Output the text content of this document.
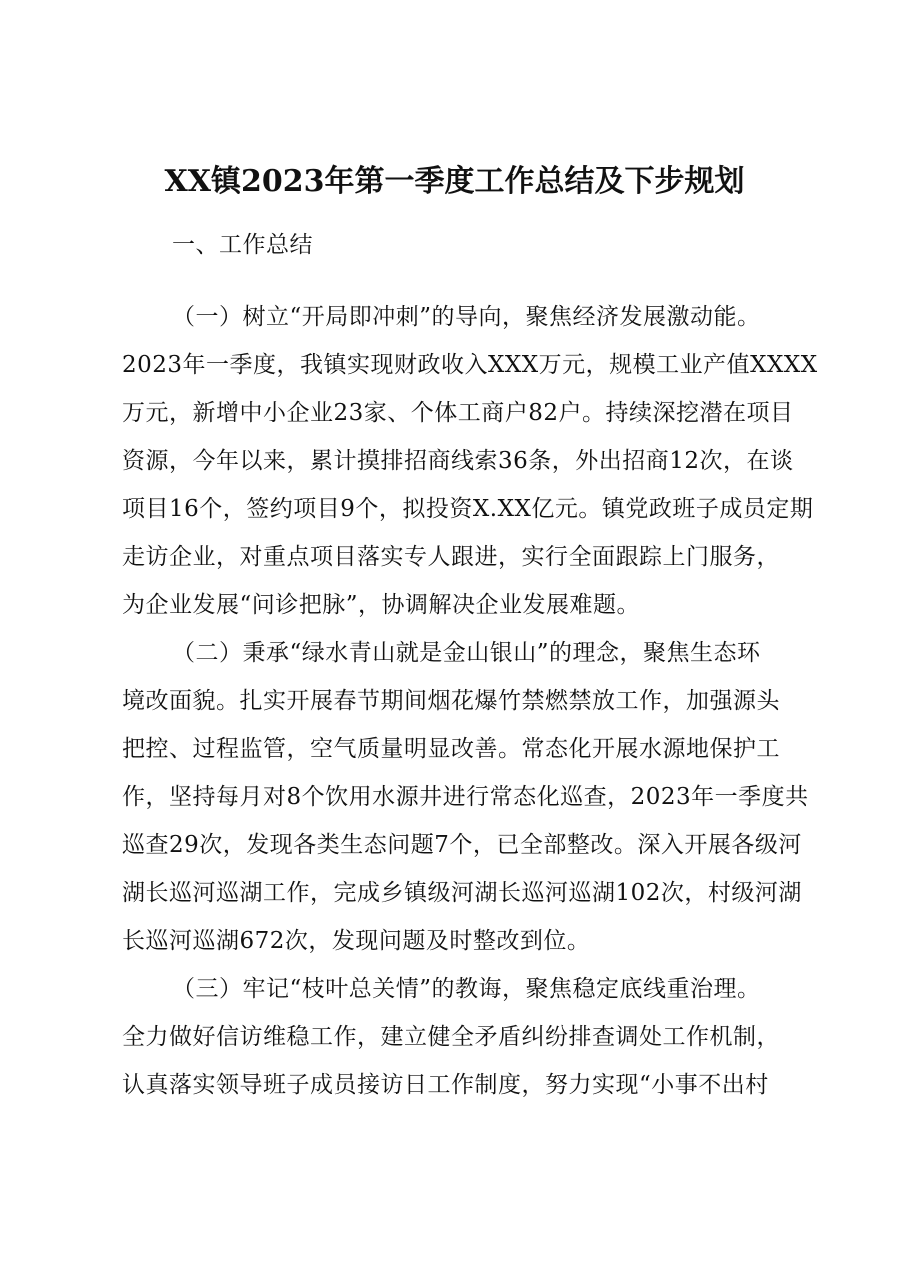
XX镇2023年第一季度工作总结及下步规划
一、工作总结
（一）树立“开局即冲刺”的导向，聚焦经济发展激动能。
2023年一季度，我镇实现财政收入XXX万元，规模工业产值XXXX
万元，新增中小企业23家、个体工商户82户。持续深挖潜在项目
资源，今年以来，累计摸排招商线索36条，外出招商12次，在谈
项目16个，签约项目9个，拟投资X.XX亿元。镇党政班子成员定期
走访企业，对重点项目落实专人跟进，实行全面跟踪上门服务，
为企业发展“问诊把脉”，协调解决企业发展难题。
（二）秉承“绿水青山就是金山银山”的理念，聚焦生态环
境改面貌。扎实开展春节期间烟花爆竹禁燃禁放工作，加强源头
把控、过程监管，空气质量明显改善。常态化开展水源地保护工
作，坚持每月对8个饮用水源井进行常态化巡查，2023年一季度共
巡查29次，发现各类生态问题7个，已全部整改。深入开展各级河
湖长巡河巡湖工作，完成乡镇级河湖长巡河巡湖102次，村级河湖
长巡河巡湖672次，发现问题及时整改到位。
（三）牢记“枝叶总关情”的教诲，聚焦稳定底线重治理。
全力做好信访维稳工作，建立健全矛盾纠纷排查调处工作机制，
认真落实领导班子成员接访日工作制度，努力实现“小事不出村
